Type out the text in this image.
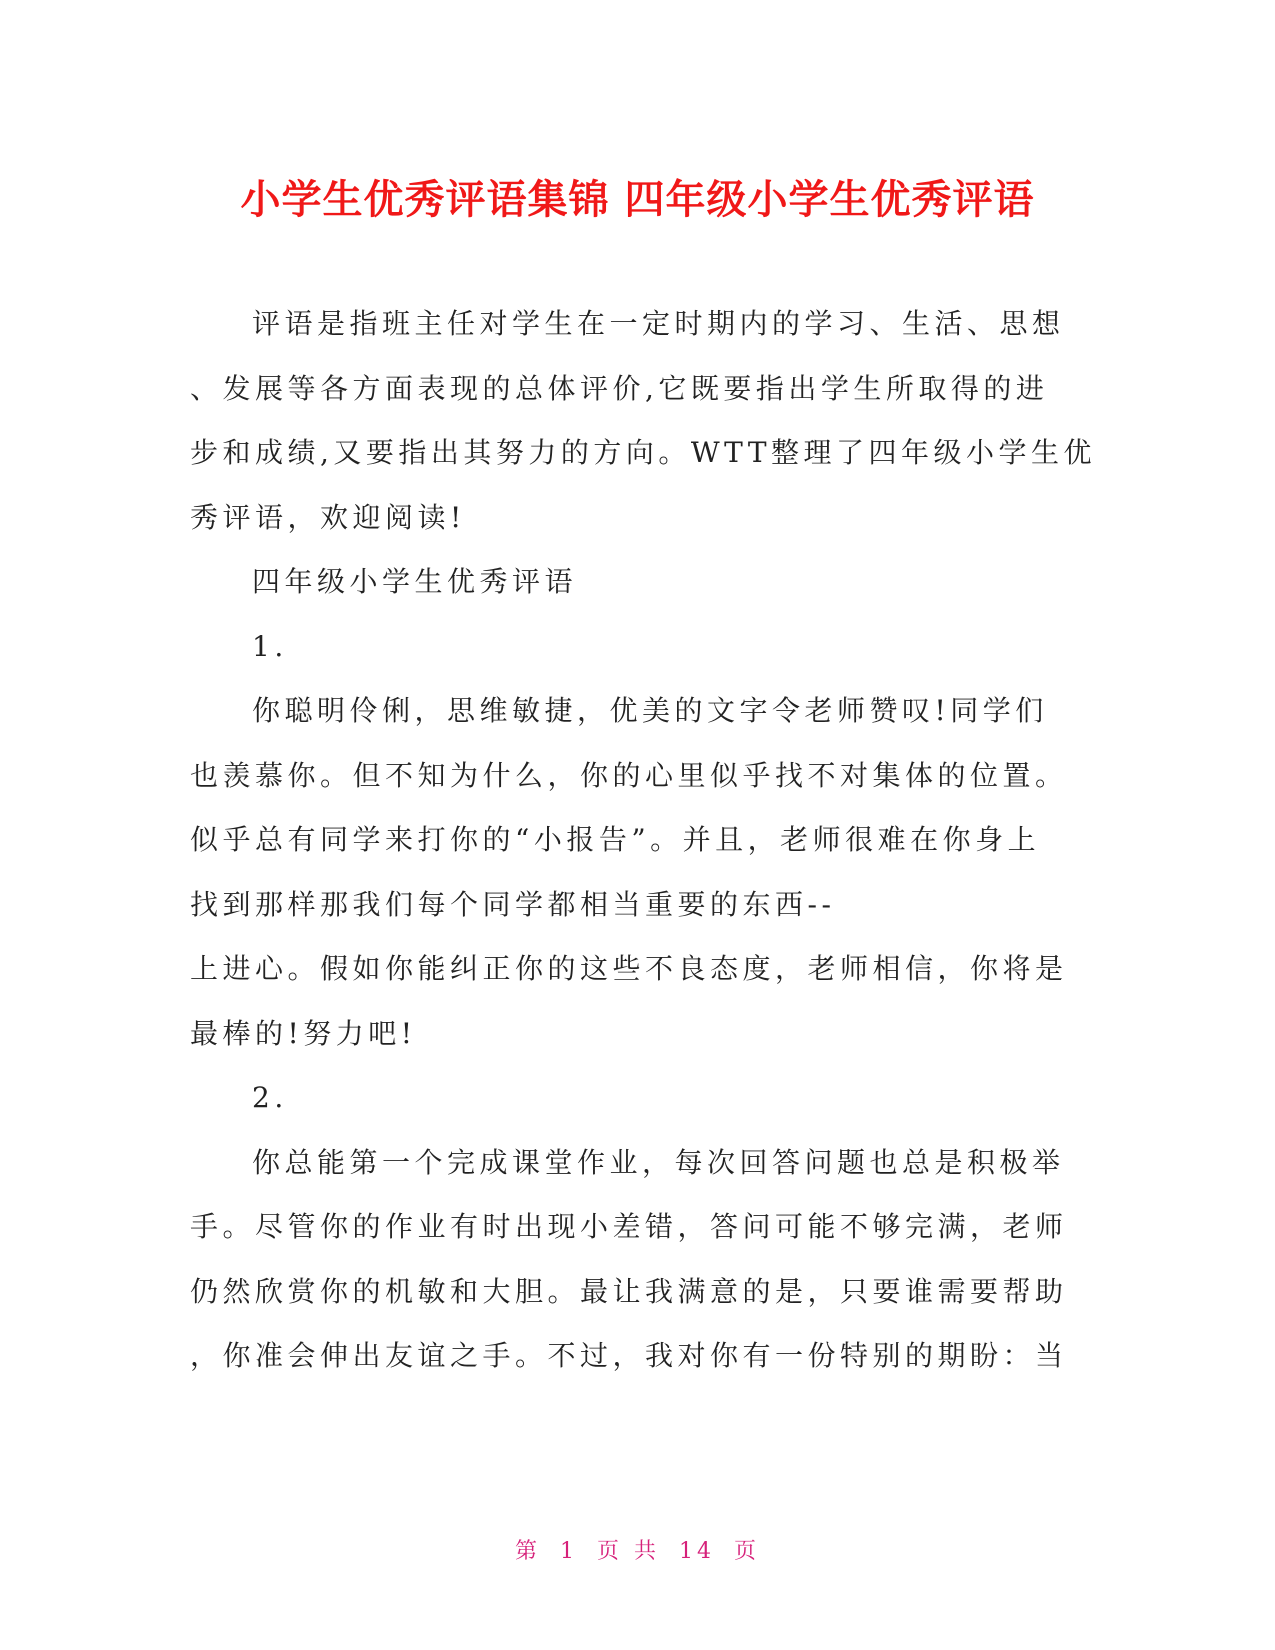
小学生优秀评语集锦 四年级小学生优秀评语
评语是指班主任对学生在一定时期内的学习、生活、思想
、发展等各方面表现的总体评价,它既要指出学生所取得的进
步和成绩,又要指出其努力的方向。WTT整理了四年级小学生优
秀评语，欢迎阅读!
四年级小学生优秀评语
1.
你聪明伶俐，思维敏捷，优美的文字令老师赞叹!同学们
也羡慕你。但不知为什么，你的心里似乎找不对集体的位置。
似乎总有同学来打你的“小报告”。并且，老师很难在你身上
找到那样那我们每个同学都相当重要的东西--
上进心。假如你能纠正你的这些不良态度，老师相信，你将是
最棒的!努力吧!
2.
你总能第一个完成课堂作业，每次回答问题也总是积极举
手。尽管你的作业有时出现小差错，答问可能不够完满，老师
仍然欣赏你的机敏和大胆。最让我满意的是，只要谁需要帮助
，你准会伸出友谊之手。不过，我对你有一份特别的期盼：当
第 1 页 共 14 页
